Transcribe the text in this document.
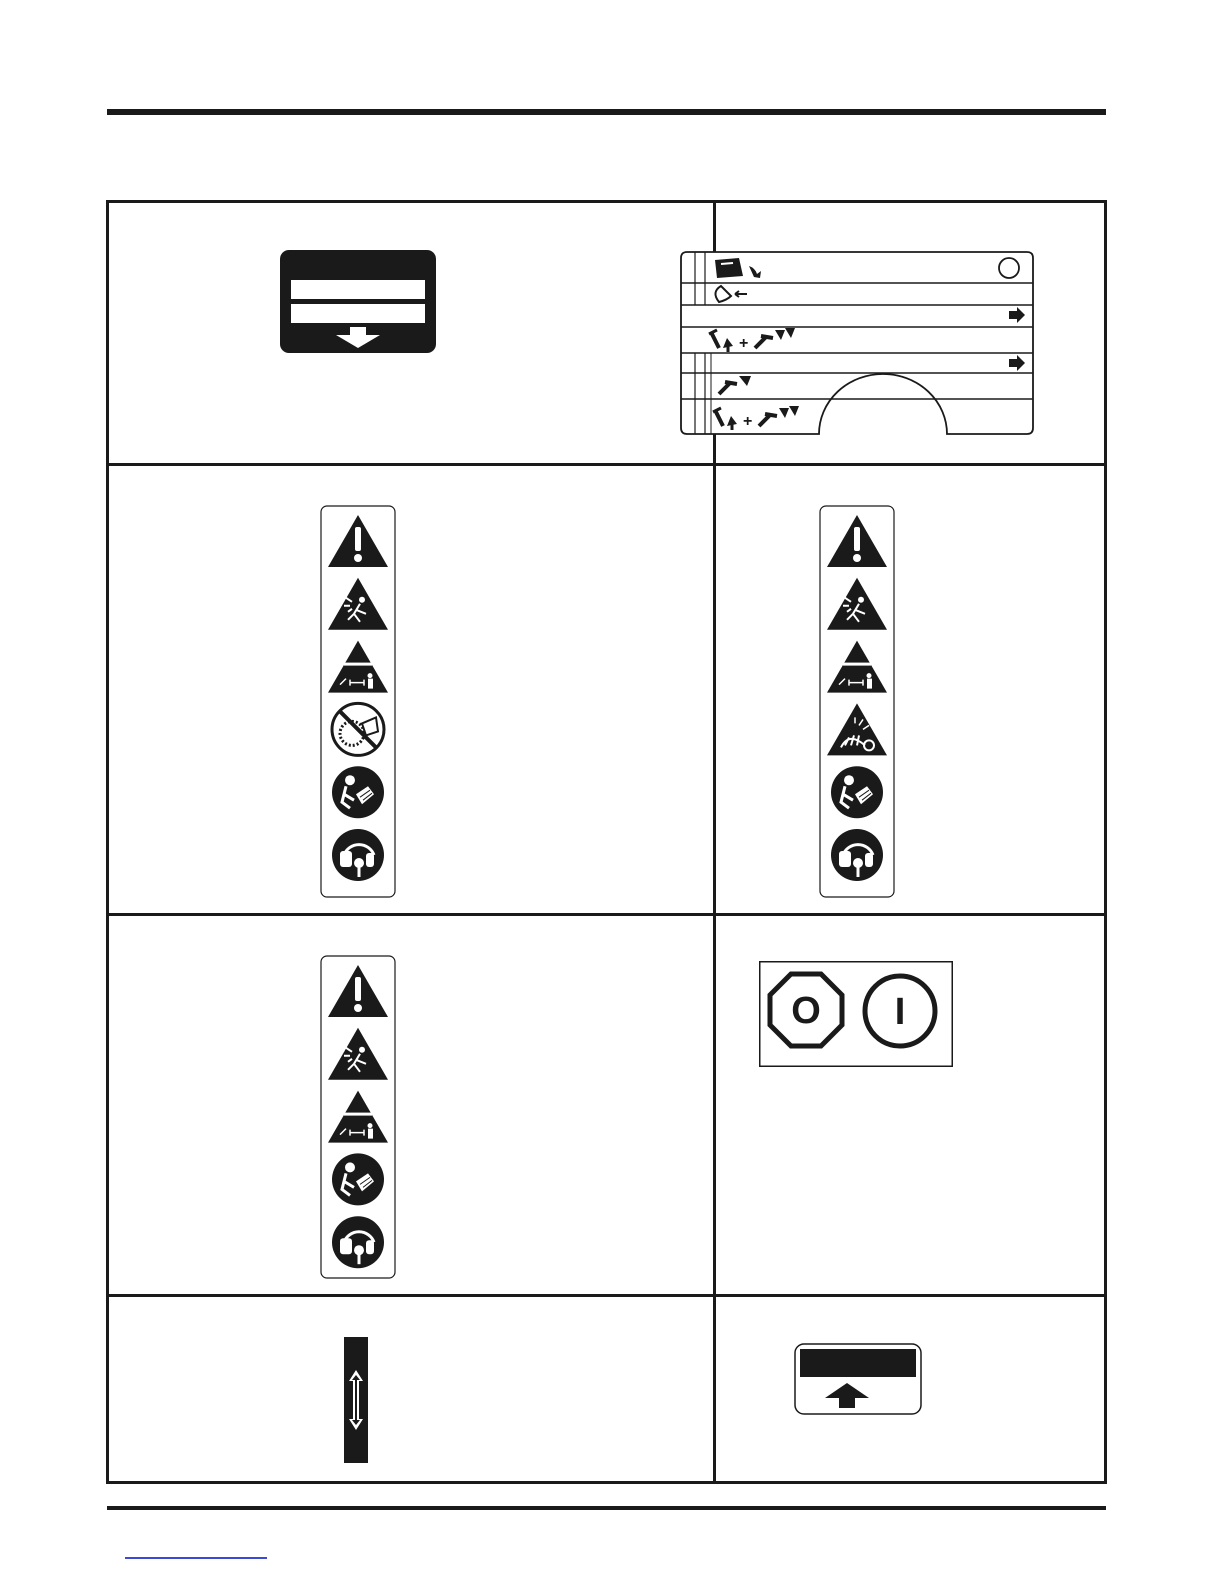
+
+
O I
